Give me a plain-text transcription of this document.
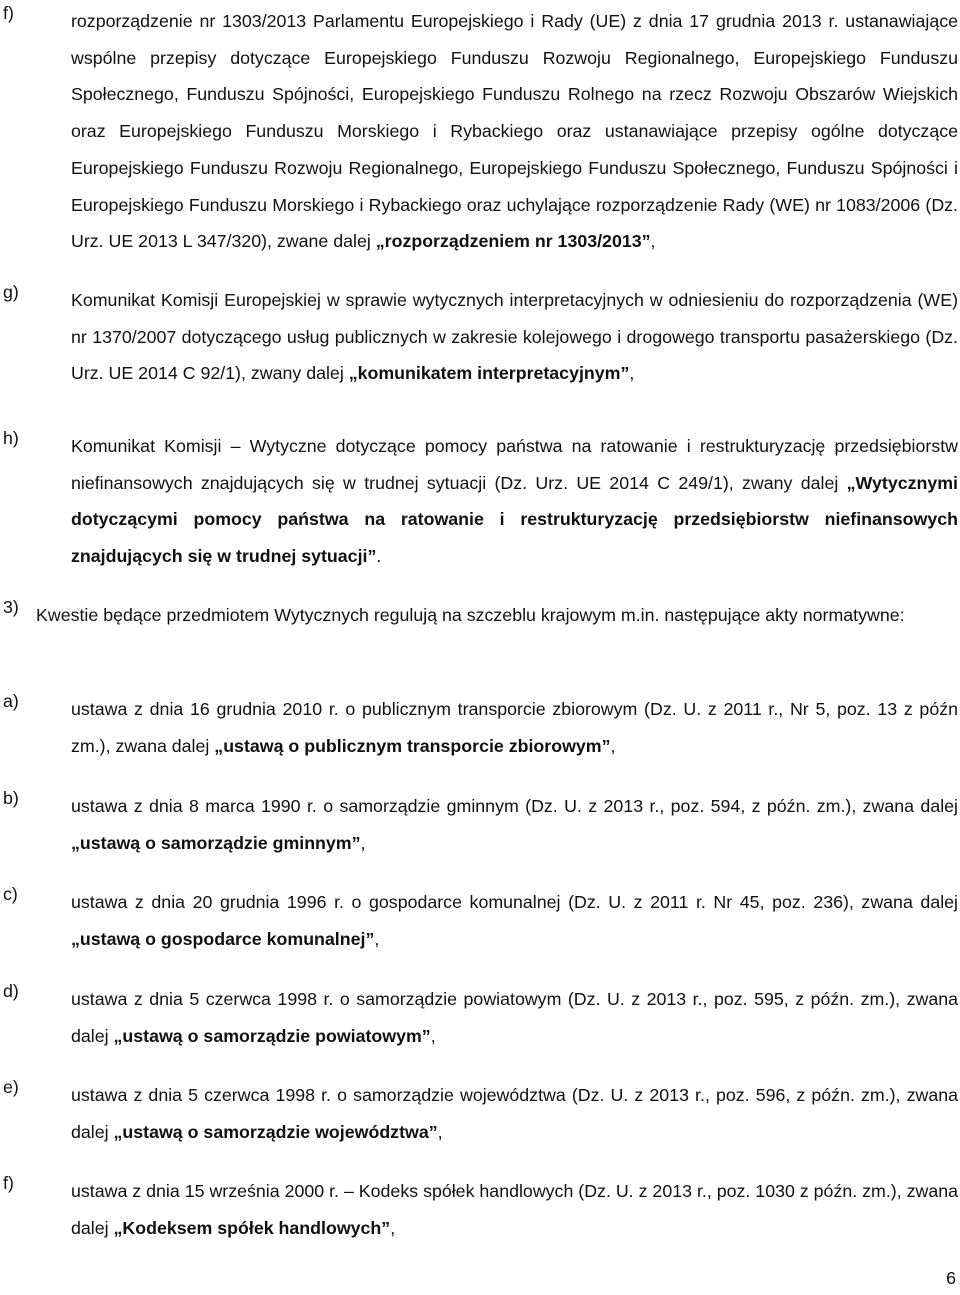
f)	rozporządzenie nr 1303/2013 Parlamentu Europejskiego i Rady (UE) z dnia 17 grudnia 2013 r. ustanawiające wspólne przepisy dotyczące Europejskiego Funduszu Rozwoju Regionalnego, Europejskiego Funduszu Społecznego, Funduszu Spójności, Europejskiego Funduszu Rolnego na rzecz Rozwoju Obszarów Wiejskich oraz Europejskiego Funduszu Morskiego i Rybackiego oraz ustanawiające przepisy ogólne dotyczące Europejskiego Funduszu Rozwoju Regionalnego, Europejskiego Funduszu Społecznego, Funduszu Spójności i Europejskiego Funduszu Morskiego i Rybackiego oraz uchylające rozporządzenie Rady (WE) nr 1083/2006 (Dz. Urz. UE 2013 L 347/320), zwane dalej „rozporządzeniem nr 1303/2013”,
g)	Komunikat Komisji Europejskiej w sprawie wytycznych interpretacyjnych w odniesieniu do rozporządzenia (WE) nr 1370/2007 dotyczącego usług publicznych w zakresie kolejowego i drogowego transportu pasażerskiego (Dz. Urz. UE 2014 C 92/1), zwany dalej „komunikatem interpretacyjnym”,
h)	Komunikat Komisji – Wytyczne dotyczące pomocy państwa na ratowanie i restrukturyzację przedsiębiorstw niefinansowych znajdujących się w trudnej sytuacji (Dz. Urz. UE 2014 C 249/1), zwany dalej „Wytycznymi dotyczącymi pomocy państwa na ratowanie i restrukturyzację przedsiębiorstw niefinansowych znajdujących się w trudnej sytuacji”.
3) Kwestie będące przedmiotem Wytycznych regulują na szczeblu krajowym m.in. następujące akty normatywne:
a)	ustawa z dnia 16 grudnia 2010 r. o publicznym transporcie zbiorowym (Dz. U. z 2011 r., Nr 5, poz. 13 z późn zm.), zwana dalej „ustawą o publicznym transporcie zbiorowym”,
b)	ustawa z dnia 8 marca 1990 r. o samorządzie gminnym (Dz. U. z 2013 r., poz. 594, z późn. zm.), zwana dalej „ustawą o samorządzie gminnym”,
c)	ustawa z dnia 20 grudnia 1996 r. o gospodarce komunalnej (Dz. U. z 2011 r. Nr 45, poz. 236), zwana dalej „ustawą o gospodarce komunalnej”,
d)	ustawa z dnia 5 czerwca 1998 r. o samorządzie powiatowym (Dz. U. z 2013 r., poz. 595, z późn. zm.), zwana dalej „ustawą o samorządzie powiatowym”,
e)	ustawa z dnia 5 czerwca 1998 r. o samorządzie województwa (Dz. U. z 2013 r., poz. 596, z późn. zm.), zwana dalej „ustawą o samorządzie województwa”,
f)	ustawa z dnia 15 września 2000 r. – Kodeks spółek handlowych (Dz. U. z 2013 r., poz. 1030 z późn. zm.), zwana dalej „Kodeksem spółek handlowych”,
6
